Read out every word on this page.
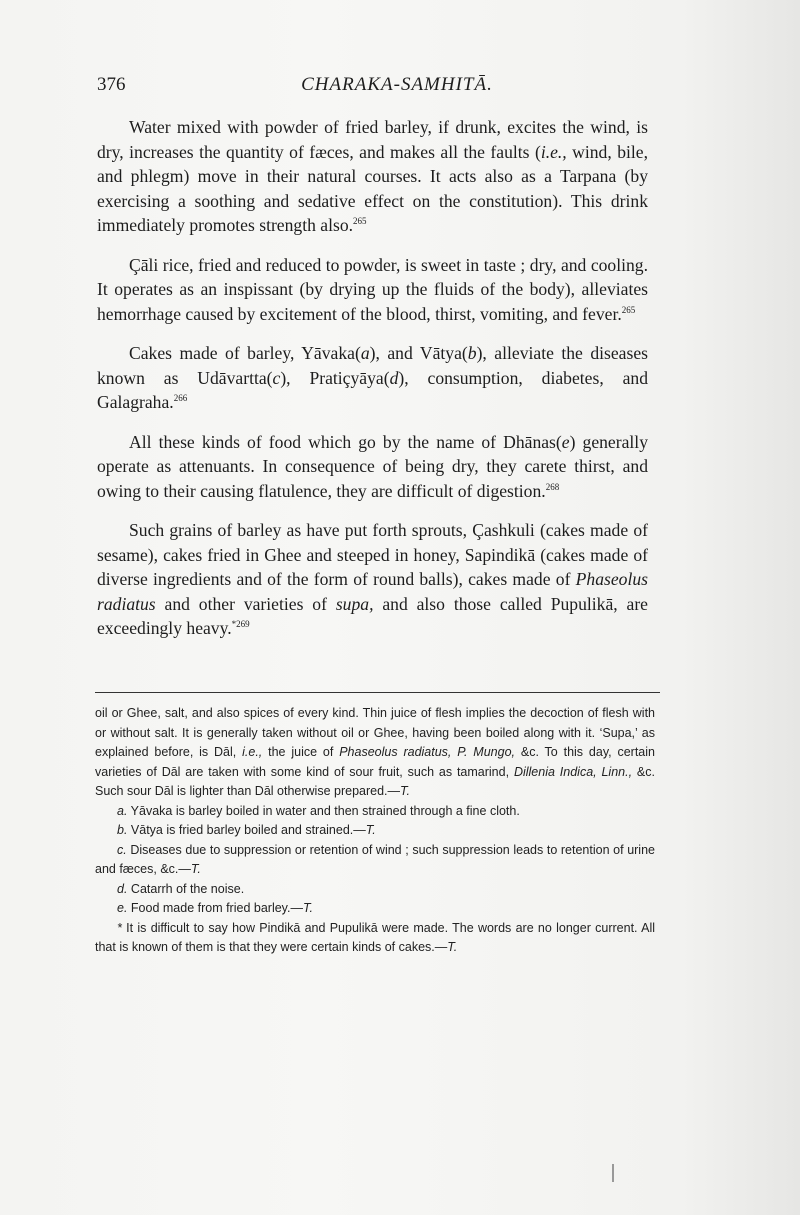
376	CHARAKA-SAMHITĀ.

Water mixed with powder of fried barley, if drunk, excites the wind, is dry, increases the quantity of fæces, and makes all the faults (i.e., wind, bile, and phlegm) move in their natural courses. It acts also as a Tarpana (by exercising a soothing and sedative effect on the constitution). This drink immediately promotes strength also.$^{265}$

Çāli rice, fried and reduced to powder, is sweet in taste ; dry, and cooling. It operates as an inspissant (by drying up the fluids of the body), alleviates hemorrhage caused by excitement of the blood, thirst, vomiting, and fever.$^{265}$

Cakes made of barley, Yāvaka(a), and Vātya(b), alleviate the diseases known as Udāvartta(c), Pratiçyāya(d), consumption, diabetes, and Galagraha.$^{266}$

All these kinds of food which go by the name of Dhānas(e) generally operate as attenuants. In consequence of being dry, they carete thirst, and owing to their causing flatulence, they are difficult of digestion.$^{268}$

Such grains of barley as have put forth sprouts, Çashkuli (cakes made of sesame), cakes fried in Ghee and steeped in honey, Sapindikā (cakes made of diverse ingredients and of the form of round balls), cakes made of Phaseolus radiatus and other varieties of supa, and also those called Pupulikā, are exceedingly heavy.$^{*269}$

oil or Ghee, salt, and also spices of every kind. Thin juice of flesh implies the decoction of flesh with or without salt. It is generally taken without oil or Ghee, having been boiled along with it. ‘Supa,’ as explained before, is Dāl, i.e., the juice of Phaseolus radiatus, P. Mungo, &c. To this day, certain varieties of Dāl are taken with some kind of sour fruit, such as tamarind, Dillenia Indica, Linn., &c. Such sour Dāl is lighter than Dāl otherwise prepared.—T.

a. Yāvaka is barley boiled in water and then strained through a fine cloth.

b. Vātya is fried barley boiled and strained.—T.

c. Diseases due to suppression or retention of wind ; such suppression leads to retention of urine and fæces, &c.—T.

d. Catarrh of the noise.

e. Food made from fried barley.—T.

* It is difficult to say how Pindikā and Pupulikā were made. The words are no longer current. All that is known of them is that they were certain kinds of cakes.—T.
